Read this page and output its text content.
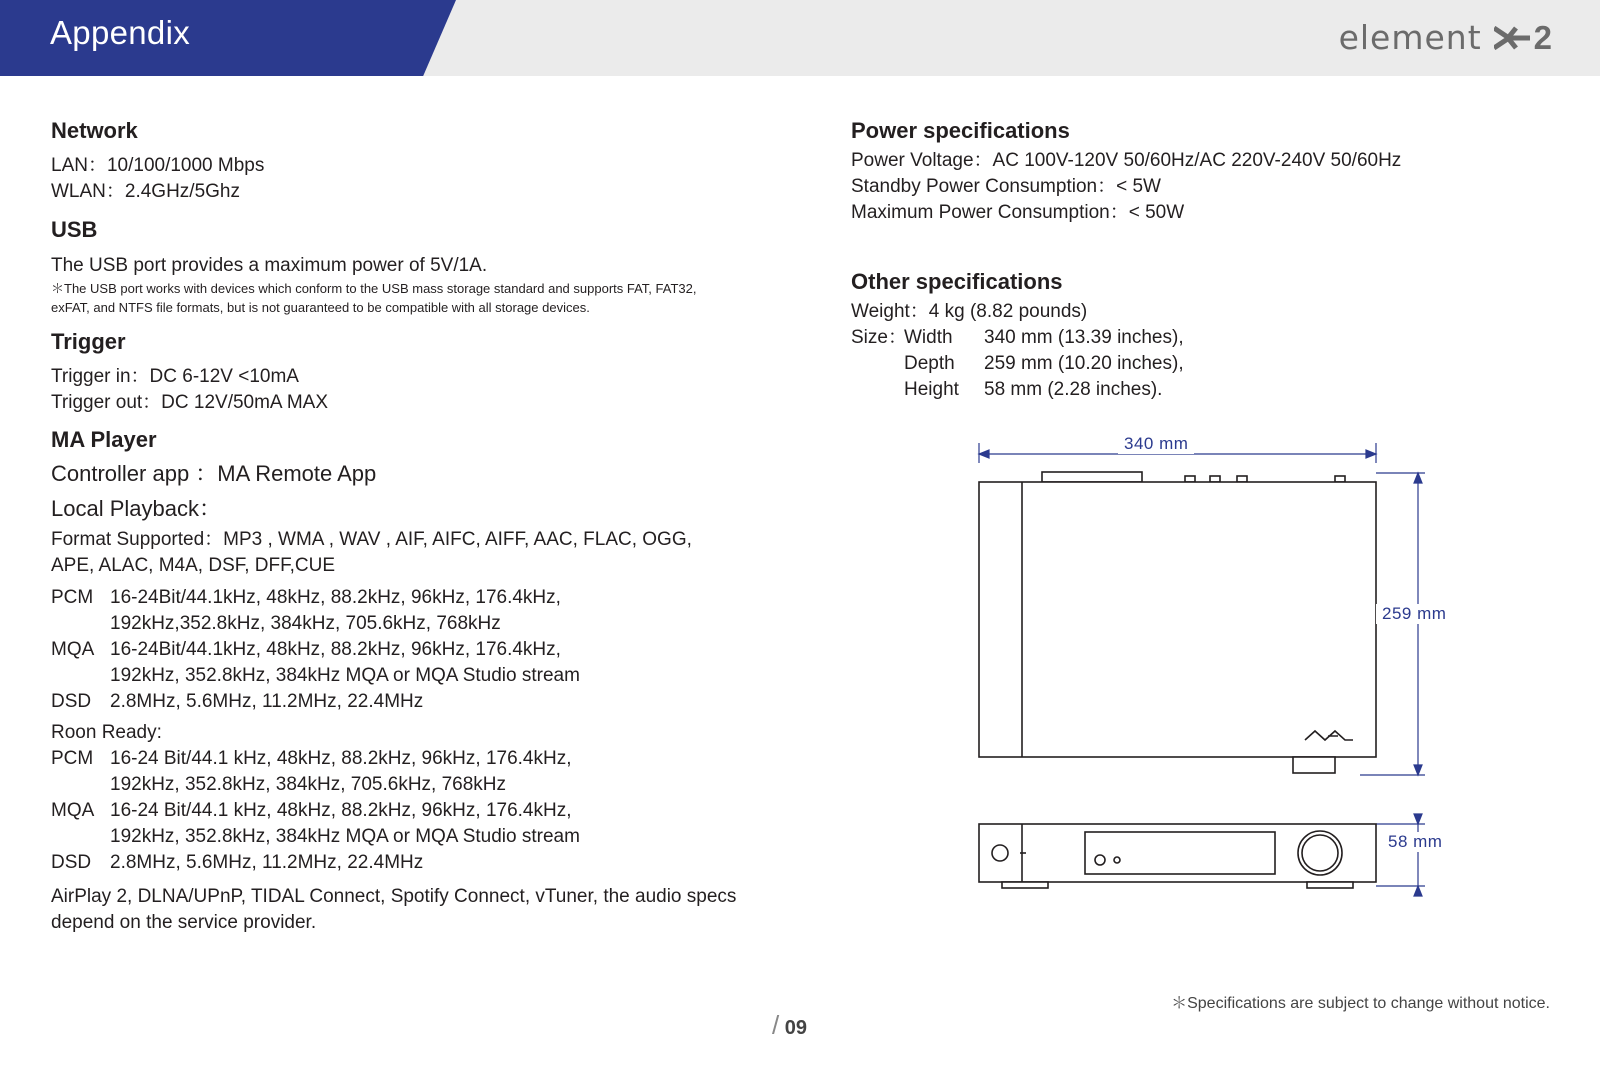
Appendix	element 2
Network
LAN：10/100/1000 Mbps
WLAN：2.4GHz/5Ghz
USB
The USB port provides a maximum power of 5V/1A.
＊The USB port works with devices which conform to the USB mass storage standard and supports FAT, FAT32,
exFAT, and NTFS file formats, but is not guaranteed to be compatible with all storage devices.
Trigger
Trigger in：DC 6-12V <10mA
Trigger out：DC 12V/50mA MAX
MA Player
Controller app ：MA Remote App
Local Playback：
Format Supported：MP3 , WMA , WAV , AIF, AIFC, AIFF, AAC, FLAC, OGG,
APE, ALAC, M4A, DSF, DFF,CUE
PCM 16-24Bit/44.1kHz, 48kHz, 88.2kHz, 96kHz, 176.4kHz,
192kHz,352.8kHz, 384kHz, 705.6kHz, 768kHz
MQA 16-24Bit/44.1kHz, 48kHz, 88.2kHz, 96kHz, 176.4kHz,
192kHz, 352.8kHz, 384kHz MQA or MQA Studio stream
DSD 2.8MHz, 5.6MHz, 11.2MHz, 22.4MHz
Roon Ready:
PCM 16-24 Bit/44.1 kHz, 48kHz, 88.2kHz, 96kHz, 176.4kHz,
192kHz, 352.8kHz, 384kHz, 705.6kHz, 768kHz
MQA 16-24 Bit/44.1 kHz, 48kHz, 88.2kHz, 96kHz, 176.4kHz,
192kHz, 352.8kHz, 384kHz MQA or MQA Studio stream
DSD 2.8MHz, 5.6MHz, 11.2MHz, 22.4MHz
AirPlay 2, DLNA/UPnP, TIDAL Connect, Spotify Connect, vTuner, the audio specs
depend on the service provider.
Power specifications
Power Voltage：AC 100V-120V 50/60Hz/AC 220V-240V 50/60Hz
Standby Power Consumption：< 5W
Maximum Power Consumption：< 50W
Other specifications
Weight：4 kg (8.82 pounds)
Size：
Width	340 mm (13.39 inches),
Depth	259 mm (10.20 inches),
Height	58 mm (2.28 inches).
340 mm
259 mm
58 mm
＊Specifications are subject to change without notice.
/ 09
